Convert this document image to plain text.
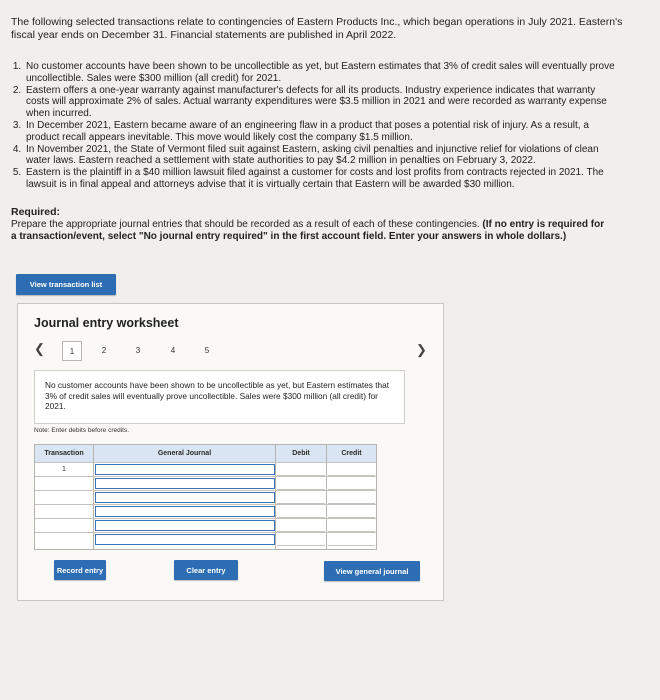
The following selected transactions relate to contingencies of Eastern Products Inc., which began operations in July 2021. Eastern's fiscal year ends on December 31. Financial statements are published in April 2022.
1. No customer accounts have been shown to be uncollectible as yet, but Eastern estimates that 3% of credit sales will eventually prove uncollectible. Sales were $300 million (all credit) for 2021.
2. Eastern offers a one-year warranty against manufacturer's defects for all its products. Industry experience indicates that warranty costs will approximate 2% of sales. Actual warranty expenditures were $3.5 million in 2021 and were recorded as warranty expense when incurred.
3. In December 2021, Eastern became aware of an engineering flaw in a product that poses a potential risk of injury. As a result, a product recall appears inevitable. This move would likely cost the company $1.5 million.
4. In November 2021, the State of Vermont filed suit against Eastern, asking civil penalties and injunctive relief for violations of clean water laws. Eastern reached a settlement with state authorities to pay $4.2 million in penalties on February 3, 2022.
5. Eastern is the plaintiff in a $40 million lawsuit filed against a customer for costs and lost profits from contracts rejected in 2021. The lawsuit is in final appeal and attorneys advise that it is virtually certain that Eastern will be awarded $30 million.
Required:
Prepare the appropriate journal entries that should be recorded as a result of each of these contingencies. (If no entry is required for a transaction/event, select "No journal entry required" in the first account field. Enter your answers in whole dollars.)
View transaction list
Journal entry worksheet
❮	1	2	3	4	5	❯
No customer accounts have been shown to be uncollectible as yet, but Eastern estimates that 3% of credit sales will eventually prove uncollectible. Sales were $300 million (all credit) for 2021.
Note: Enter debits before credits.
Transaction	General Journal	Debit	Credit
1
Record entry	Clear entry	View general journal
